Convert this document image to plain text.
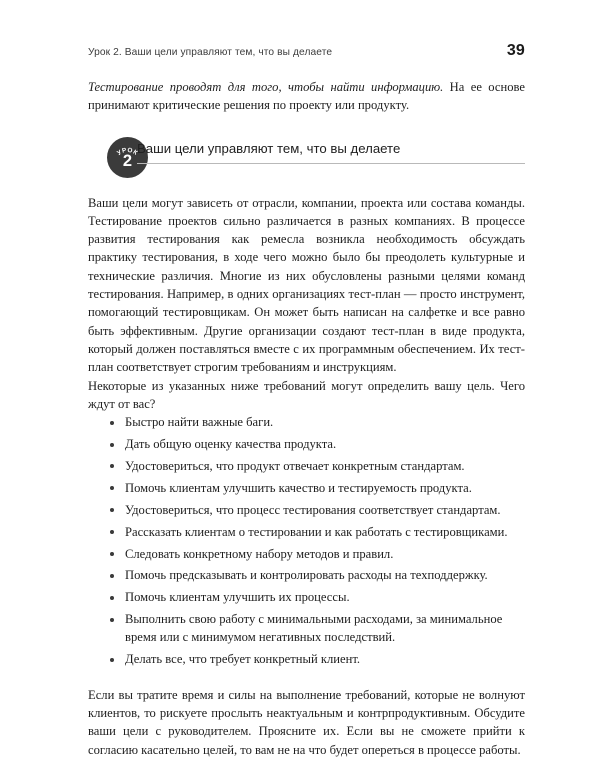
Урок 2. Ваши цели управляют тем, что вы делаете	39

Тестирование проводят для того, чтобы найти информацию. На ее основе принимают критические решения по проекту или продукту.

УРОК
2
Ваши цели управляют тем, что вы делаете

Ваши цели могут зависеть от отрасли, компании, проекта или состава команды. Тестирование проектов сильно различается в разных компаниях. В процессе развития тестирования как ремесла возникла необходимость обсуждать практику тестирования, в ходе чего можно было бы преодолеть культурные и технические различия. Многие из них обусловлены разными целями команд тестирования. Например, в одних организациях тест-план — просто инструмент, помогающий тестировщикам. Он может быть написан на салфетке и все равно быть эффективным. Другие организации создают тест-план в виде продукта, который должен поставляться вместе с их программным обеспечением. Их тест-план соответствует строгим требованиям и инструкциям.

Некоторые из указанных ниже требований могут определить вашу цель. Чего ждут от вас?

Быстро найти важные баги.
Дать общую оценку качества продукта.
Удостовериться, что продукт отвечает конкретным стандартам.
Помочь клиентам улучшить качество и тестируемость продукта.
Удостовериться, что процесс тестирования соответствует стандартам.
Рассказать клиентам о тестировании и как работать с тестировщиками.
Следовать конкретному набору методов и правил.
Помочь предсказывать и контролировать расходы на техподдержку.
Помочь клиентам улучшить их процессы.
Выполнить свою работу с минимальными расходами, за минимальное время или с минимумом негативных последствий.
Делать все, что требует конкретный клиент.

Если вы тратите время и силы на выполнение требований, которые не волнуют клиентов, то рискуете прослыть неактуальным и контрпродуктивным. Обсудите ваши цели с руководителем. Проясните их. Если вы не сможете прийти к согласию касательно целей, то вам не на что будет опереться в процессе работы.
